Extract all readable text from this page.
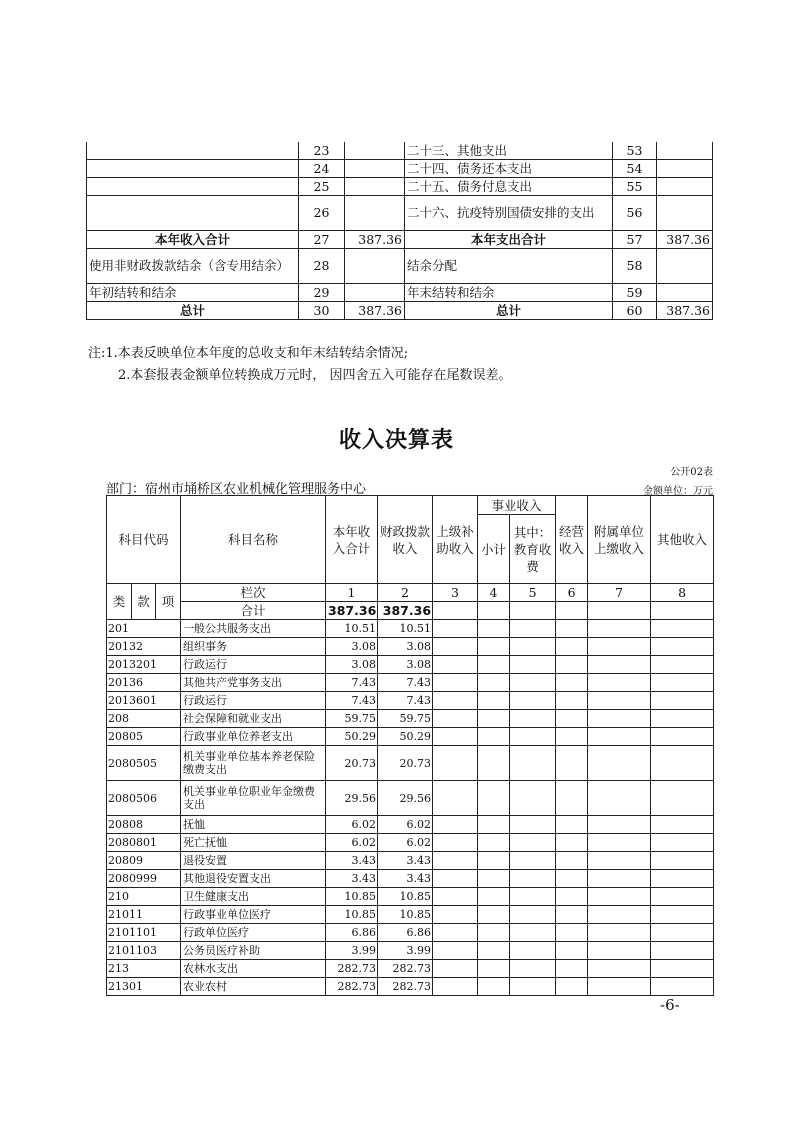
	23		二十三、其他支出	53	
	24		二十四、债务还本支出	54	
	25		二十五、债务付息支出	55	
	26		二十六、抗疫特别国债安排的支出	56	
本年收入合计	27	387.36	本年支出合计	57	387.36
使用非财政拨款结余（含专用结余）	28		结余分配	58	
年初结转和结余	29		年末结转和结余	59	
总计	30	387.36	总计	60	387.36
注:1.本表反映单位本年度的总收支和年末结转结余情况;
2.本套报表金额单位转换成万元时， 因四舍五入可能存在尾数误差。
收入决算表
公开02表
部门：宿州市埇桥区农业机械化管理服务中心	金额单位：万元
科目代码			科目名称	本年收入合计	财政拨款收入	上级补助收入	事业收入		经营收入	附属单位上缴收入	其他收入
							小计	其中：教育收费			
类	款	项	栏次	1	2	3	4	5	6	7	8
			合计	387.36	387.36						
201			一般公共服务支出	10.51	10.51						
20132			组织事务	3.08	3.08						
2013201			行政运行	3.08	3.08						
20136			其他共产党事务支出	7.43	7.43						
2013601			行政运行	7.43	7.43						
208			社会保障和就业支出	59.75	59.75						
20805			行政事业单位养老支出	50.29	50.29						
2080505			机关事业单位基本养老保险缴费支出	20.73	20.73						
2080506			机关事业单位职业年金缴费支出	29.56	29.56						
20808			抚恤	6.02	6.02						
2080801			死亡抚恤	6.02	6.02						
20809			退役安置	3.43	3.43						
2080999			其他退役安置支出	3.43	3.43						
210			卫生健康支出	10.85	10.85						
21011			行政事业单位医疗	10.85	10.85						
2101101			行政单位医疗	6.86	6.86						
2101103			公务员医疗补助	3.99	3.99						
213			农林水支出	282.73	282.73						
21301			农业农村	282.73	282.73						
-6-
